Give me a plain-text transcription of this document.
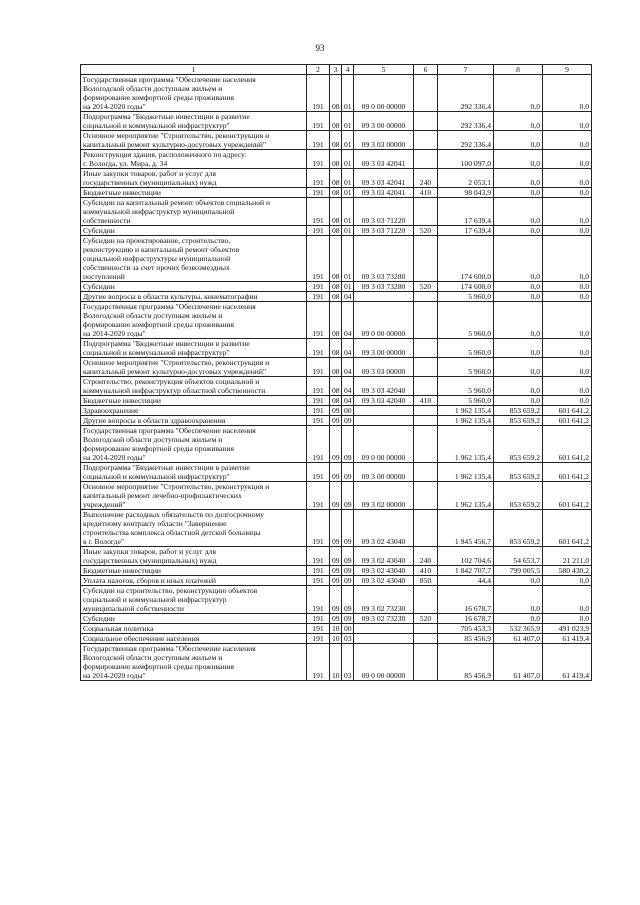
93
1	2	3	4	5	6	7	8	9
Государственная программа "Обеспечение населения
Вологодской области доступным жильем и
формирование комфортной среды проживания
на 2014-2020 годы"	191	08	01	09 0 00 00000		292 336,4	0,0	0,0
Подпрограмма "Бюджетные инвестиции в развитие
социальной и коммунальной инфраструктур"	191	08	01	09 3 00 00000		292 336,4	0,0	0,0
Основное мероприятие "Строительство, реконструкция и
капитальный ремонт культурно-досуговых учреждений"	191	08	01	09 3 03 00000		292 336,4	0,0	0,0
Реконструкция здания, расположенного по адресу:
г. Вологда, ул. Мира, д. 34	191	08	01	09 3 03 42041		100 097,0	0,0	0,0
Иные закупки товаров, работ и услуг для
государственных (муниципальных) нужд	191	08	01	09 3 03 42041	240	2 053,1	0,0	0,0
Бюджетные инвестиции	191	08	01	09 3 03 42041	410	98 043,9	0,0	0,0
Субсидии на капитальный ремонт объектов социальной и
коммунальной инфраструктур муниципальной
собственности	191	08	01	09 3 03 71220		17 639,4	0,0	0,0
Субсидии	191	08	01	09 3 03 71220	520	17 639,4	0,0	0,0
Субсидии на проектирование, строительство,
реконструкцию и капитальный ремонт объектов
социальной инфраструктуры муниципальной
собственности за счет прочих безвозмездных
поступлений	191	08	01	09 3 03 73280		174 600,0	0,0	0,0
Субсидии	191	08	01	09 3 03 73280	520	174 600,0	0,0	0,0
Другие вопросы в области культуры, кинематографии	191	08	04			5 960,0	0,0	0,0
Государственная программа "Обеспечение населения
Вологодской области доступным жильем и
формирование комфортной среды проживания
на 2014-2020 годы"	191	08	04	09 0 00 00000		5 960,0	0,0	0,0
Подпрограмма "Бюджетные инвестиции в развитие
социальной и коммунальной инфраструктур"	191	08	04	09 3 00 00000		5 960,0	0,0	0,0
Основное мероприятие "Строительство, реконструкция и
капитальный ремонт культурно-досуговых учреждений"	191	08	04	09 3 03 00000		5 960,0	0,0	0,0
Строительство, реконструкция объектов социальной и
коммунальной инфраструктур областной собственности	191	08	04	09 3 03 42040		5 960,0	0,0	0,0
Бюджетные инвестиции	191	08	04	09 3 03 42040	410	5 960,0	0,0	0,0
Здравоохранение	191	09	00			1 962 135,4	853 659,2	601 641,2
Другие вопросы в области здравоохранения	191	09	09			1 962 135,4	853 659,2	601 641,2
Государственная программа "Обеспечение населения
Вологодской области доступным жильем и
формирование комфортной среды проживания
на 2014-2020 годы"	191	09	09	09 0 00 00000		1 962 135,4	853 659,2	601 641,2
Подпрограмма "Бюджетные инвестиции в развитие
социальной и коммунальной инфраструктур"	191	09	09	09 3 00 00000		1 962 135,4	853 659,2	601 641,2
Основное мероприятие "Строительство, реконструкция и
капитальный ремонт лечебно-профилактических
учреждений"	191	09	09	09 3 02 00000		1 962 135,4	853 659,2	601 641,2
Выполнение расходных обязательств по долгосрочному
кредитному контракту области "Завершение
строительства комплекса областной детской больницы
в г. Вологде"	191	09	09	09 3 02 43040		1 945 456,7	853 659,2	601 641,2
Иные закупки товаров, работ и услуг для
государственных (муниципальных) нужд	191	09	09	09 3 02 43040	240	102 704,6	54 653,7	21 211,0
Бюджетные инвестиции	191	09	09	09 3 02 43040	410	1 842 707,7	799 005,5	580 430,2
Уплата налогов, сборов и иных платежей	191	09	09	09 3 02 43040	850	44,4	0,0	0,0
Субсидии на строительство, реконструкцию объектов
социальной и коммунальной инфраструктур
муниципальной собственности	191	09	09	09 3 02 73230		16 678,7	0,0	0,0
Субсидии	191	09	09	09 3 02 73230	520	16 678,7	0,0	0,0
Социальная политика	191	10	00			705 453,3	532 365,9	491 023,9
Социальное обеспечение населения	191	10	03			85 456,9	61 407,0	61 419,4
Государственная программа "Обеспечение населения
Вологодской области доступным жильем и
формирование комфортной среды проживания
на 2014-2020 годы"	191	10	03	09 0 00 00000		85 456,9	61 407,0	61 419,4
